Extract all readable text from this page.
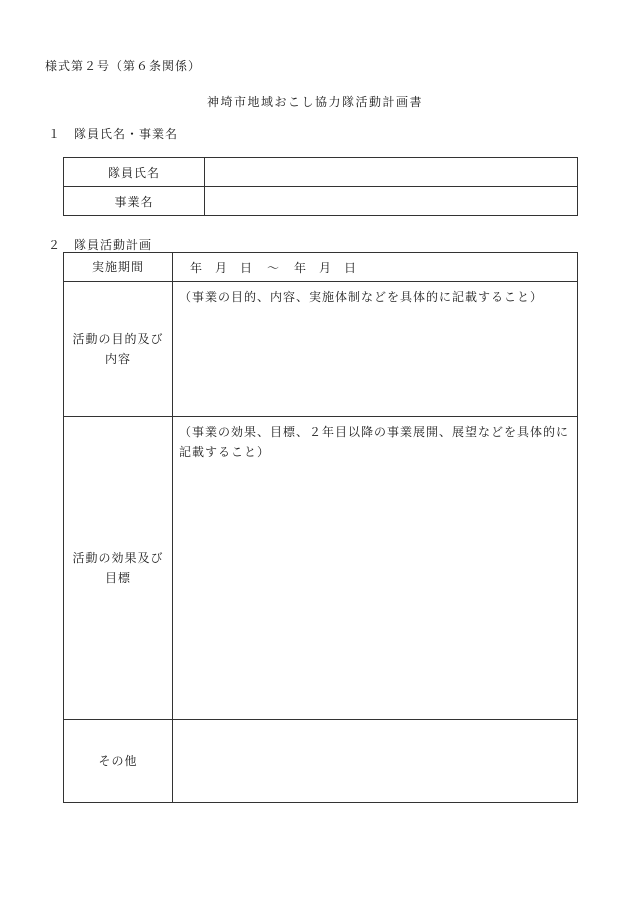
様式第２号（第６条関係）
神埼市地域おこし協力隊活動計画書
１ 隊員氏名・事業名
隊員氏名	
事業名	
２ 隊員活動計画
実施期間	年 月 日 ～ 年 月 日

活動の目的及び
内容	（事業の目的、内容、実施体制などを具体的に記載すること）

活動の効果及び
目標	（事業の効果、目標、２年目以降の事業展開、展望などを具体的に記載すること）

その他	
